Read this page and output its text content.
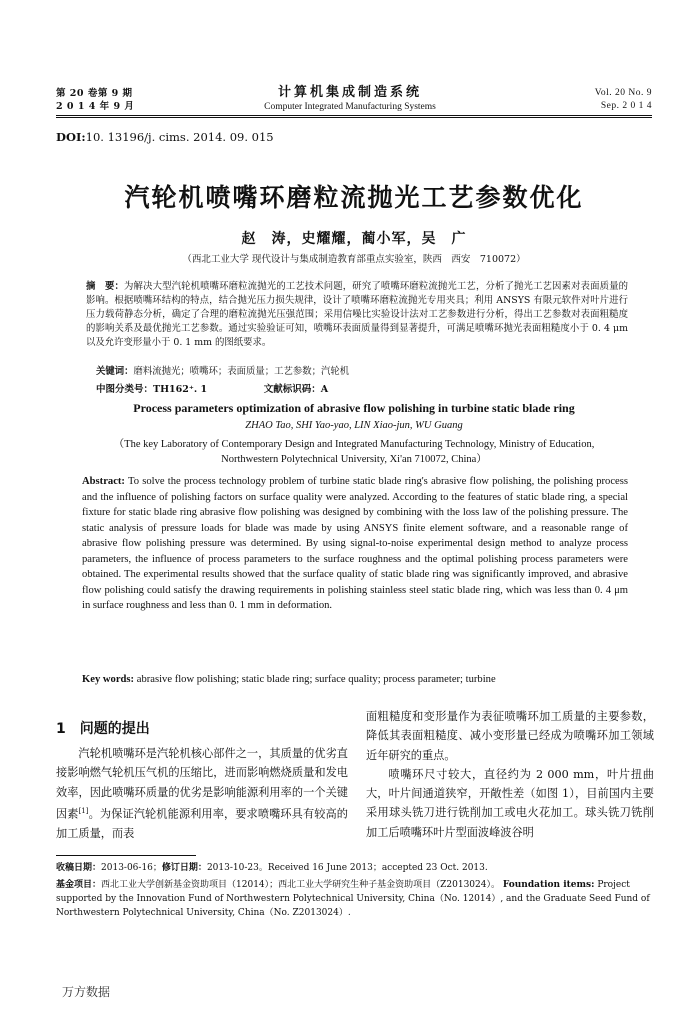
第 20 卷第 9 期
2 0 1 4 年 9 月
计算机集成制造系统
Computer Integrated Manufacturing Systems
Vol. 20 No. 9
Sep. 2 0 1 4
DOI:10. 13196/j. cims. 2014. 09. 015
汽轮机喷嘴环磨粒流抛光工艺参数优化
赵　涛，史耀耀，蔺小军，吴　广
（西北工业大学 现代设计与集成制造教育部重点实验室，陕西　西安　710072）
摘　要：为解决大型汽轮机喷嘴环磨粒流抛光的工艺技术问题，研究了喷嘴环磨粒流抛光工艺，分析了抛光工艺因素对表面质量的影响。根据喷嘴环结构的特点，结合抛光压力损失规律，设计了喷嘴环磨粒流抛光专用夹具；利用 ANSYS 有限元软件对叶片进行压力载荷静态分析，确定了合理的磨粒流抛光压强范围；采用信噪比实验设计法对工艺参数进行分析，得出工艺参数对表面粗糙度的影响关系及最优抛光工艺参数。通过实验验证可知，喷嘴环表面质量得到显著提升，可满足喷嘴环抛光表面粗糙度小于 0. 4 μm 以及允许变形量小于 0. 1 mm 的图纸要求。
关键词：磨料流抛光；喷嘴环；表面质量；工艺参数；汽轮机
中图分类号：TH162⁺. 1	文献标识码：A
Process parameters optimization of abrasive flow polishing in turbine static blade ring
ZHAO Tao, SHI Yao-yao, LIN Xiao-jun, WU Guang
（The key Laboratory of Contemporary Design and Integrated Manufacturing Technology, Ministry of Education,
Northwestern Polytechnical University, Xi'an 710072, China）
Abstract: To solve the process technology problem of turbine static blade ring's abrasive flow polishing, the polishing process and the influence of polishing factors on surface quality were analyzed. According to the features of static blade ring, a special fixture for static blade ring abrasive flow polishing was designed by combining with the loss law of the polishing pressure. The static analysis of pressure loads for blade was made by using ANSYS finite element software, and a reasonable range of abrasive flow polishing pressure was determined. By using signal-to-noise experimental design method to analyze process parameters, the influence of process parameters to the surface roughness and the optimal polishing process parameters were obtained. The experimental results showed that the surface quality of static blade ring was significantly improved, and abrasive flow polishing could satisfy the drawing requirements in polishing stainless steel static blade ring, which was less than 0. 4 μm in surface roughness and less than 0. 1 mm in deformation.
Key words: abrasive flow polishing; static blade ring; surface quality; process parameter; turbine
1　问题的提出
汽轮机喷嘴环是汽轮机核心部件之一，其质量的优劣直接影响燃气轮机压气机的压缩比，进而影响燃烧质量和发电效率，因此喷嘴环质量的优劣是影响能源利用率的一个关键因素[1]。为保证汽轮机能源利用率，要求喷嘴环具有较高的加工质量，而表
面粗糙度和变形量作为表征喷嘴环加工质量的主要参数，降低其表面粗糙度、减小变形量已经成为喷嘴环加工领域近年研究的重点。
喷嘴环尺寸较大，直径约为 2 000 mm，叶片扭曲大，叶片间通道狭窄，开敞性差（如图 1），目前国内主要采用球头铣刀进行铣削加工或电火花加工。球头铣刀铣削加工后喷嘴环叶片型面波峰波谷明
收稿日期：2013-06-16；修订日期：2013-10-23。Received 16 June 2013；accepted 23 Oct. 2013.
基金项目：西北工业大学创新基金资助项目（12014）；西北工业大学研究生种子基金资助项目（Z2013024）。 Foundation items: Project supported by the Innovation Fund of Northwestern Polytechnical University, China（No. 12014）, and the Graduate Seed Fund of Northwestern Polytechnical University, China（No. Z2013024）.
万方数据
